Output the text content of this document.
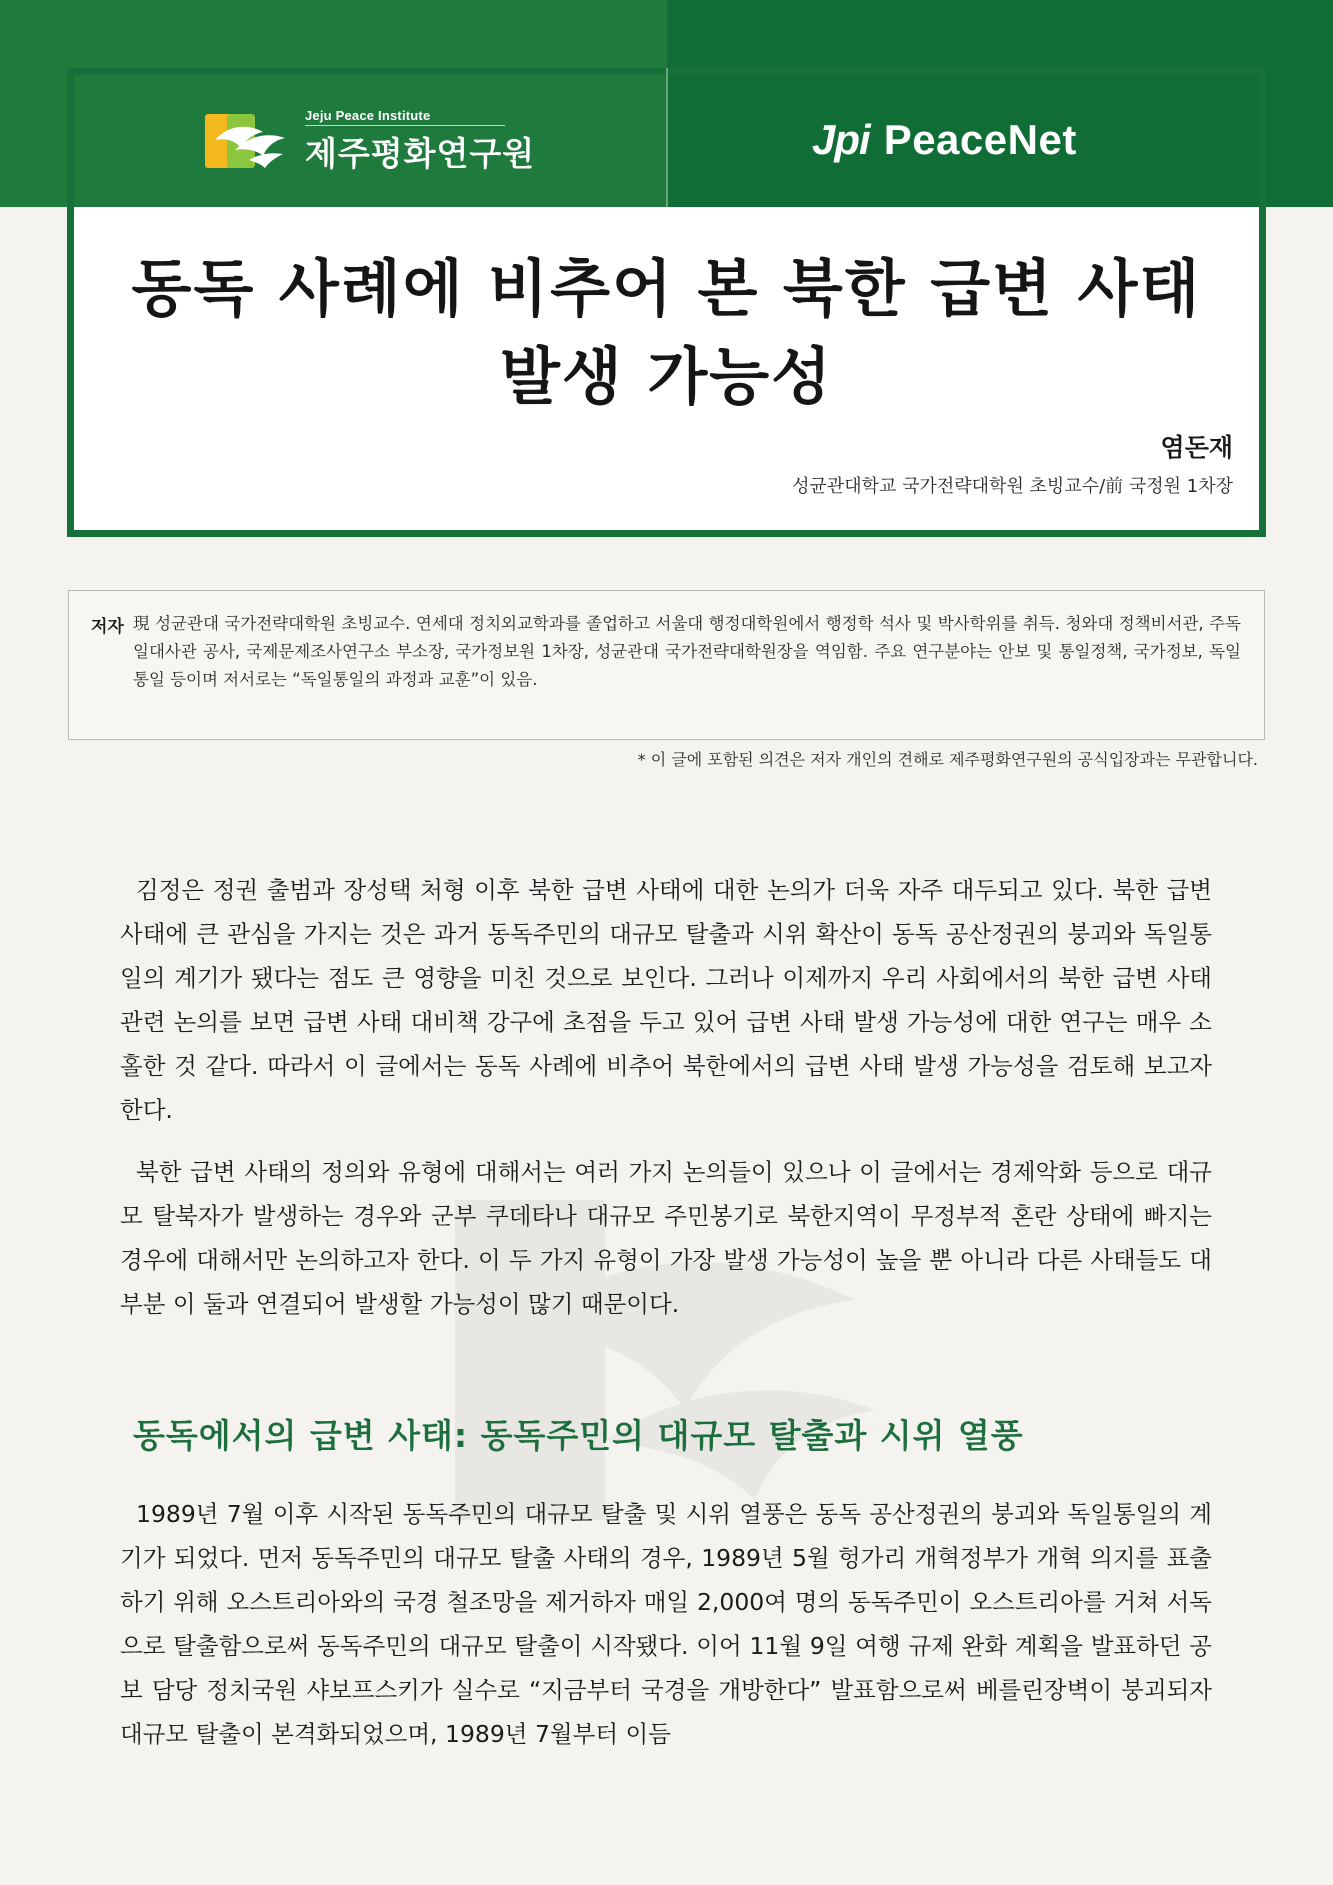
Jeju Peace Institute
제주평화연구원	Jpi PeaceNet
동독 사례에 비추어 본 북한 급변 사태
발생 가능성
염돈재
성균관대학교 국가전략대학원 초빙교수/前 국정원 1차장
저자 現 성균관대 국가전략대학원 초빙교수. 연세대 정치외교학과를 졸업하고 서울대 행정대학원에서 행정학 석사 및 박사학위를 취득. 청와대 정책비서관, 주독일대사관 공사, 국제문제조사연구소 부소장, 국가정보원 1차장, 성균관대 국가전략대학원장을 역임함. 주요 연구분야는 안보 및 통일정책, 국가정보, 독일통일 등이며 저서로는 “독일통일의 과정과 교훈”이 있음.
* 이 글에 포함된 의견은 저자 개인의 견해로 제주평화연구원의 공식입장과는 무관합니다.
김정은 정권 출범과 장성택 처형 이후 북한 급변 사태에 대한 논의가 더욱 자주 대두되고 있다. 북한 급변 사태에 큰 관심을 가지는 것은 과거 동독주민의 대규모 탈출과 시위 확산이 동독 공산정권의 붕괴와 독일통일의 계기가 됐다는 점도 큰 영향을 미친 것으로 보인다. 그러나 이제까지 우리 사회에서의 북한 급변 사태 관련 논의를 보면 급변 사태 대비책 강구에 초점을 두고 있어 급변 사태 발생 가능성에 대한 연구는 매우 소홀한 것 같다. 따라서 이 글에서는 동독 사례에 비추어 북한에서의 급변 사태 발생 가능성을 검토해 보고자 한다.
북한 급변 사태의 정의와 유형에 대해서는 여러 가지 논의들이 있으나 이 글에서는 경제악화 등으로 대규모 탈북자가 발생하는 경우와 군부 쿠데타나 대규모 주민봉기로 북한지역이 무정부적 혼란 상태에 빠지는 경우에 대해서만 논의하고자 한다. 이 두 가지 유형이 가장 발생 가능성이 높을 뿐 아니라 다른 사태들도 대부분 이 둘과 연결되어 발생할 가능성이 많기 때문이다.
동독에서의 급변 사태: 동독주민의 대규모 탈출과 시위 열풍
1989년 7월 이후 시작된 동독주민의 대규모 탈출 및 시위 열풍은 동독 공산정권의 붕괴와 독일통일의 계기가 되었다. 먼저 동독주민의 대규모 탈출 사태의 경우, 1989년 5월 헝가리 개혁정부가 개혁 의지를 표출하기 위해 오스트리아와의 국경 철조망을 제거하자 매일 2,000여 명의 동독주민이 오스트리아를 거쳐 서독으로 탈출함으로써 동독주민의 대규모 탈출이 시작됐다. 이어 11월 9일 여행 규제 완화 계획을 발표하던 공보 담당 정치국원 샤보프스키가 실수로 “지금부터 국경을 개방한다” 발표함으로써 베를린장벽이 붕괴되자 대규모 탈출이 본격화되었으며, 1989년 7월부터 이듬
